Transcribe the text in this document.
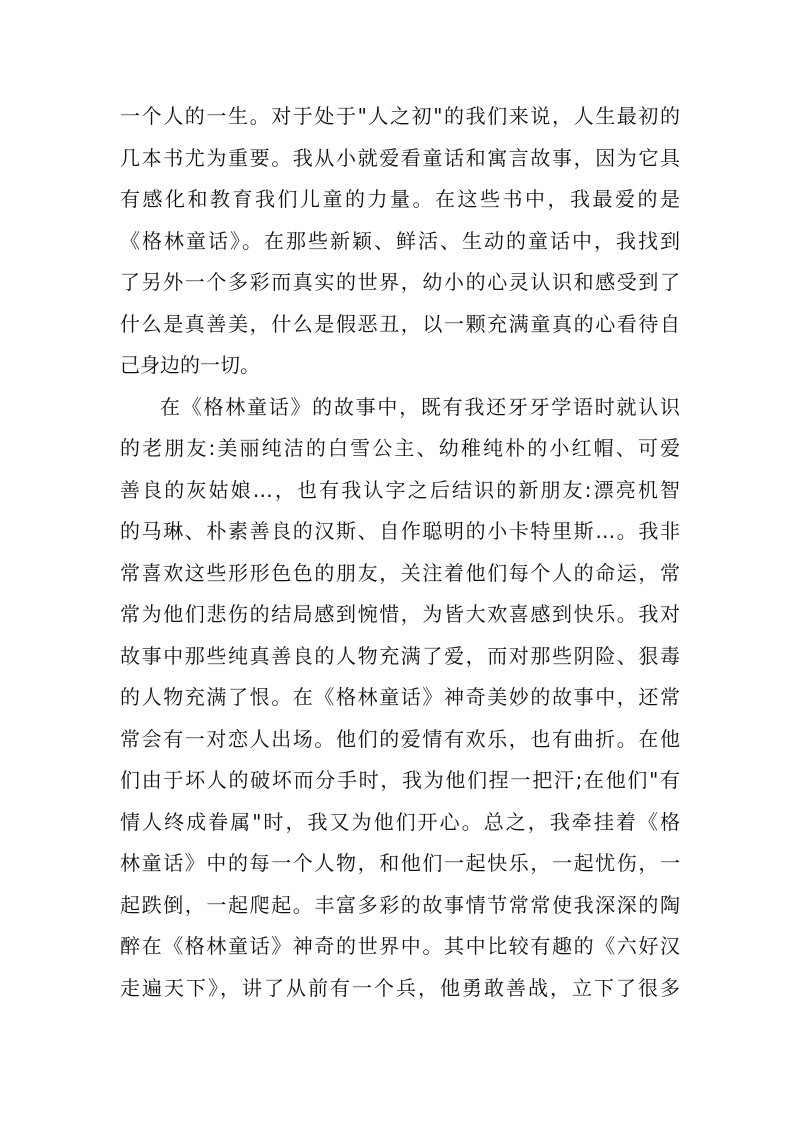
一个人的一生。对于处于"人之初"的我们来说，人生最初的
几本书尤为重要。我从小就爱看童话和寓言故事，因为它具
有感化和教育我们儿童的力量。在这些书中，我最爱的是
《格林童话》。在那些新颖、鲜活、生动的童话中，我找到
了另外一个多彩而真实的世界，幼小的心灵认识和感受到了
什么是真善美，什么是假恶丑，以一颗充满童真的心看待自
己身边的一切。
在《格林童话》的故事中，既有我还牙牙学语时就认识
的老朋友:美丽纯洁的白雪公主、幼稚纯朴的小红帽、可爱
善良的灰姑娘…，也有我认字之后结识的新朋友:漂亮机智
的马琳、朴素善良的汉斯、自作聪明的小卡特里斯…。我非
常喜欢这些形形色色的朋友，关注着他们每个人的命运，常
常为他们悲伤的结局感到惋惜，为皆大欢喜感到快乐。我对
故事中那些纯真善良的人物充满了爱，而对那些阴险、狠毒
的人物充满了恨。在《格林童话》神奇美妙的故事中，还常
常会有一对恋人出场。他们的爱情有欢乐，也有曲折。在他
们由于坏人的破坏而分手时，我为他们捏一把汗;在他们"有
情人终成眷属"时，我又为他们开心。总之，我牵挂着《格
林童话》中的每一个人物，和他们一起快乐，一起忧伤，一
起跌倒，一起爬起。丰富多彩的故事情节常常使我深深的陶
醉在《格林童话》神奇的世界中。其中比较有趣的《六好汉
走遍天下》，讲了从前有一个兵，他勇敢善战，立下了很多
